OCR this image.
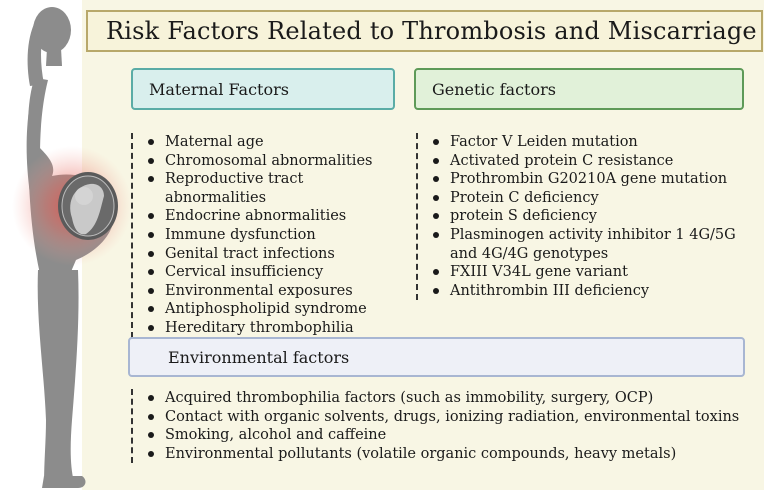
Risk Factors Related to Thrombosis and Miscarriage
Maternal Factors	Genetic factors
Maternal age
Chromosomal abnormalities
Reproductive tract abnormalities
Endocrine abnormalities
Immune dysfunction
Genital tract infections
Cervical insufficiency
Environmental exposures
Antiphospholipid syndrome
Hereditary thrombophilia
Factor V Leiden mutation
Activated protein C resistance
Prothrombin G20210A gene mutation
Protein C deficiency
protein S deficiency
Plasminogen activity inhibitor 1 4G/5G and 4G/4G genotypes
FXIII V34L gene variant
Antithrombin III deficiency
Environmental factors
Acquired thrombophilia factors (such as immobility, surgery, OCP)
Contact with organic solvents, drugs, ionizing radiation, environmental toxins
Smoking, alcohol and caffeine
Environmental pollutants (volatile organic compounds, heavy metals)
